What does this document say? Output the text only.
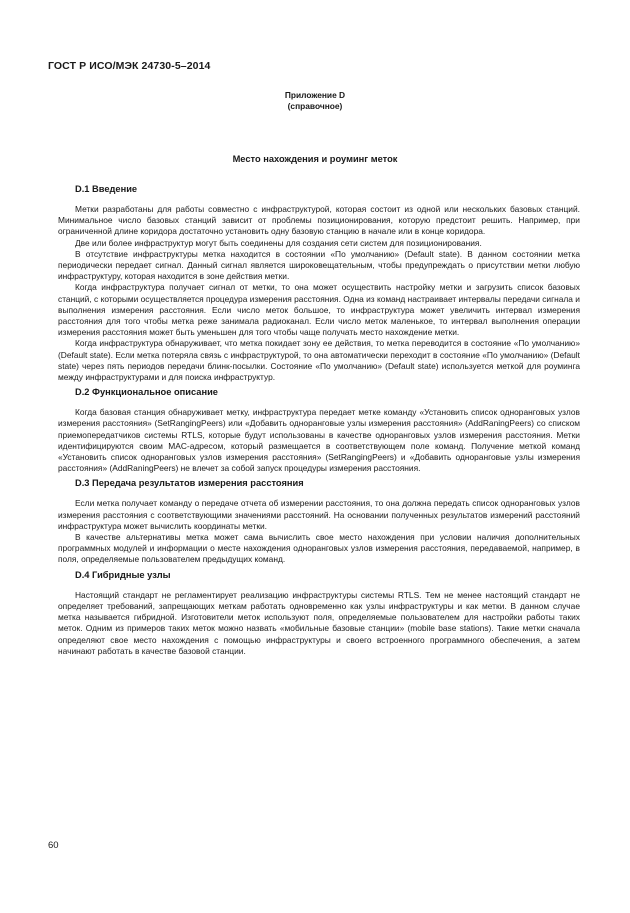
ГОСТ Р ИСО/МЭК 24730-5–2014
Приложение D
(справочное)
Место нахождения и роуминг меток
D.1 Введение

Метки разработаны для работы совместно с инфраструктурой, которая состоит из одной или нескольких базовых станций. Минимальное число базовых станций зависит от проблемы позиционирования, которую предстоит решить. Например, при ограниченной длине коридора достаточно установить одну базовую станцию в начале или в конце коридора.

Две или более инфраструктур могут быть соединены для создания сети систем для позиционирования.

В отсутствие инфраструктуры метка находится в состоянии «По умолчанию» (Default state). В данном состоянии метка периодически передает сигнал. Данный сигнал является широковещательным, чтобы предупреждать о присутствии метки любую инфраструктуру, которая находится в зоне действия метки.

Когда инфраструктура получает сигнал от метки, то она может осуществить настройку метки и загрузить список базовых станций, с которыми осуществляется процедура измерения расстояния. Одна из команд настраивает интервалы передачи сигнала и выполнения измерения расстояния. Если число меток большое, то инфраструктура может увеличить интервал измерения расстояния для того чтобы метка реже занимала радиоканал. Если число меток маленькое, то интервал выполнения операции измерения расстояния может быть уменьшен для того чтобы чаще получать место нахождение метки.

Когда инфраструктура обнаруживает, что метка покидает зону ее действия, то метка переводится в состояние «По умолчанию» (Default state). Если метка потеряла связь с инфраструктурой, то она автоматически переходит в состояние «По умолчанию» (Default state) через пять периодов передачи блинк-посылки. Состояние «По умолчанию» (Default state) используется меткой для роуминга между инфраструктурами и для поиска инфраструктур.

D.2 Функциональное описание

Когда базовая станция обнаруживает метку, инфраструктура передает метке команду «Установить список одноранговых узлов измерения расстояния» (SetRangingPeers) или «Добавить одноранговые узлы измерения расстояния» (AddRaningPeers) со списком приемопередатчиков системы RTLS, которые будут использованы в качестве одноранговых узлов измерения расстояния. Метки идентифицируются своим MAC-адресом, который размещается в соответствующем поле команд. Получение меткой команд «Установить список одноранговых узлов измерения расстояния» (SetRangingPeers) и «Добавить одноранговые узлы измерения расстояния» (AddRaningPeers) не влечет за собой запуск процедуры измерения расстояния.

D.3 Передача результатов измерения расстояния

Если метка получает команду о передаче отчета об измерении расстояния, то она должна передать список одноранговых узлов измерения расстояния с соответствующими значениями расстояний. На основании полученных результатов измерений расстояний инфраструктура может вычислить координаты метки.

В качестве альтернативы метка может сама вычислить свое место нахождения при условии наличия дополнительных программных модулей и информации о месте нахождения одноранговых узлов измерения расстояния, передаваемой, например, в поля, определяемые пользователем предыдущих команд.

D.4 Гибридные узлы

Настоящий стандарт не регламентирует реализацию инфраструктуры системы RTLS. Тем не менее настоящий стандарт не определяет требований, запрещающих меткам работать одновременно как узлы инфраструктуры и как метки. В данном случае метка называется гибридной. Изготовители меток используют поля, определяемые пользователем для настройки работы таких меток. Одним из примеров таких меток можно назвать «мобильные базовые станции» (mobile base stations). Такие метки сначала определяют свое место нахождения с помощью инфраструктуры и своего встроенного программного обеспечения, а затем начинают работать в качестве базовой станции.

60
